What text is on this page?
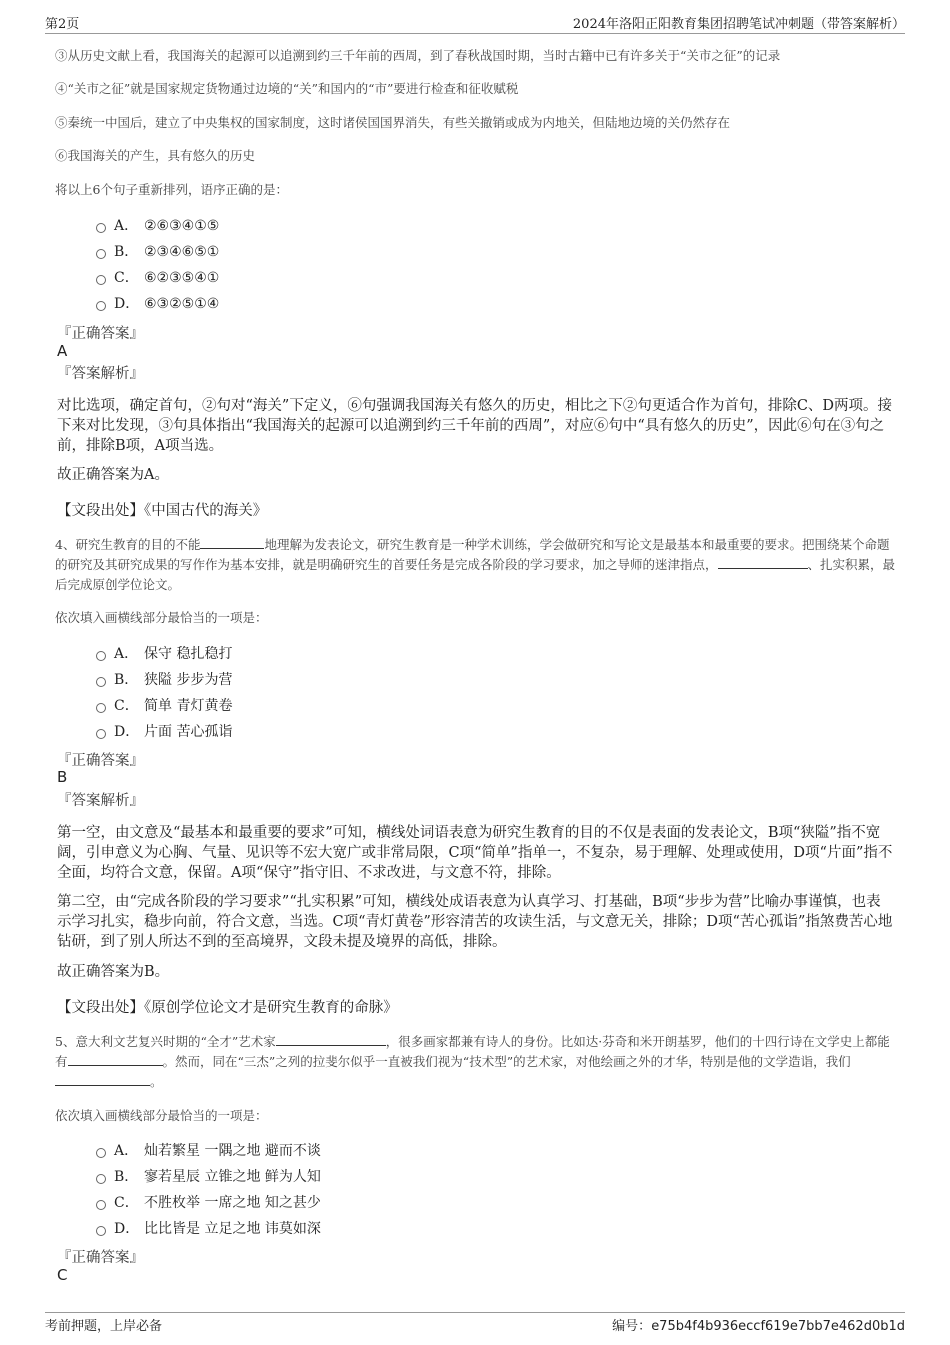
第2页	2024年洛阳正阳教育集团招聘笔试冲刺题（带答案解析）
③从历史文献上看，我国海关的起源可以追溯到约三千年前的西周，到了春秋战国时期，当时古籍中已有许多关于“关市之征”的记录
④“关市之征”就是国家规定货物通过边境的“关”和国内的“市”要进行检查和征收赋税
⑤秦统一中国后，建立了中央集权的国家制度，这时诸侯国国界消失，有些关撤销或成为内地关，但陆地边境的关仍然存在
⑥我国海关的产生，具有悠久的历史
将以上6个句子重新排列，语序正确的是：
A． ②⑥③④①⑤
B． ②③④⑥⑤①
C． ⑥②③⑤④①
D． ⑥③②⑤①④
『正确答案』
A
『答案解析』
对比选项，确定首句，②句对“海关”下定义，⑥句强调我国海关有悠久的历史，相比之下②句更适合作为首句，排除C、D两项。接下来对比发现，③句具体指出“我国海关的起源可以追溯到约三千年前的西周”，对应⑥句中“具有悠久的历史”，因此⑥句在③句之前，排除B项，A项当选。
故正确答案为A。
【文段出处】《中国古代的海关》
4、研究生教育的目的不能	地理解为发表论文，研究生教育是一种学术训练，学会做研究和写论文是最基本和最重要的要求。把围绕某个命题的研究及其研究成果的写作作为基本安排，就是明确研究生的首要任务是完成各阶段的学习要求，加之导师的迷津指点，	、扎实积累，最后完成原创学位论文。
依次填入画横线部分最恰当的一项是：
A． 保守 稳扎稳打
B． 狭隘 步步为营
C． 简单 青灯黄卷
D． 片面 苦心孤诣
『正确答案』
B
『答案解析』
第一空，由文意及“最基本和最重要的要求”可知，横线处词语表意为研究生教育的目的不仅是表面的发表论文，B项“狭隘”指不宽阔，引申意义为心胸、气量、见识等不宏大宽广或非常局限，C项“简单”指单一，不复杂，易于理解、处理或使用，D项“片面”指不全面，均符合文意，保留。A项“保守”指守旧、不求改进，与文意不符，排除。
第二空，由“完成各阶段的学习要求”“扎实积累”可知，横线处成语表意为认真学习、打基础，B项“步步为营”比喻办事谨慎，也表示学习扎实，稳步向前，符合文意，当选。C项“青灯黄卷”形容清苦的攻读生活，与文意无关，排除；D项“苦心孤诣”指煞费苦心地钻研，到了别人所达不到的至高境界，文段未提及境界的高低，排除。
故正确答案为B。
【文段出处】《原创学位论文才是研究生教育的命脉》
5、意大利文艺复兴时期的“全才”艺术家	，很多画家都兼有诗人的身份。比如达·芬奇和米开朗基罗，他们的十四行诗在文学史上都能有	。然而，同在“三杰”之列的拉斐尔似乎一直被我们视为“技术型”的艺术家，对他绘画之外的才华，特别是他的文学造诣，我们。
依次填入画横线部分最恰当的一项是：
A． 灿若繁星 一隅之地 避而不谈
B． 寥若星辰 立锥之地 鲜为人知
C． 不胜枚举 一席之地 知之甚少
D． 比比皆是 立足之地 讳莫如深
『正确答案』
C
考前押题，上岸必备	编号：e75b4f4b936eccf619e7bb7e462d0b1d
